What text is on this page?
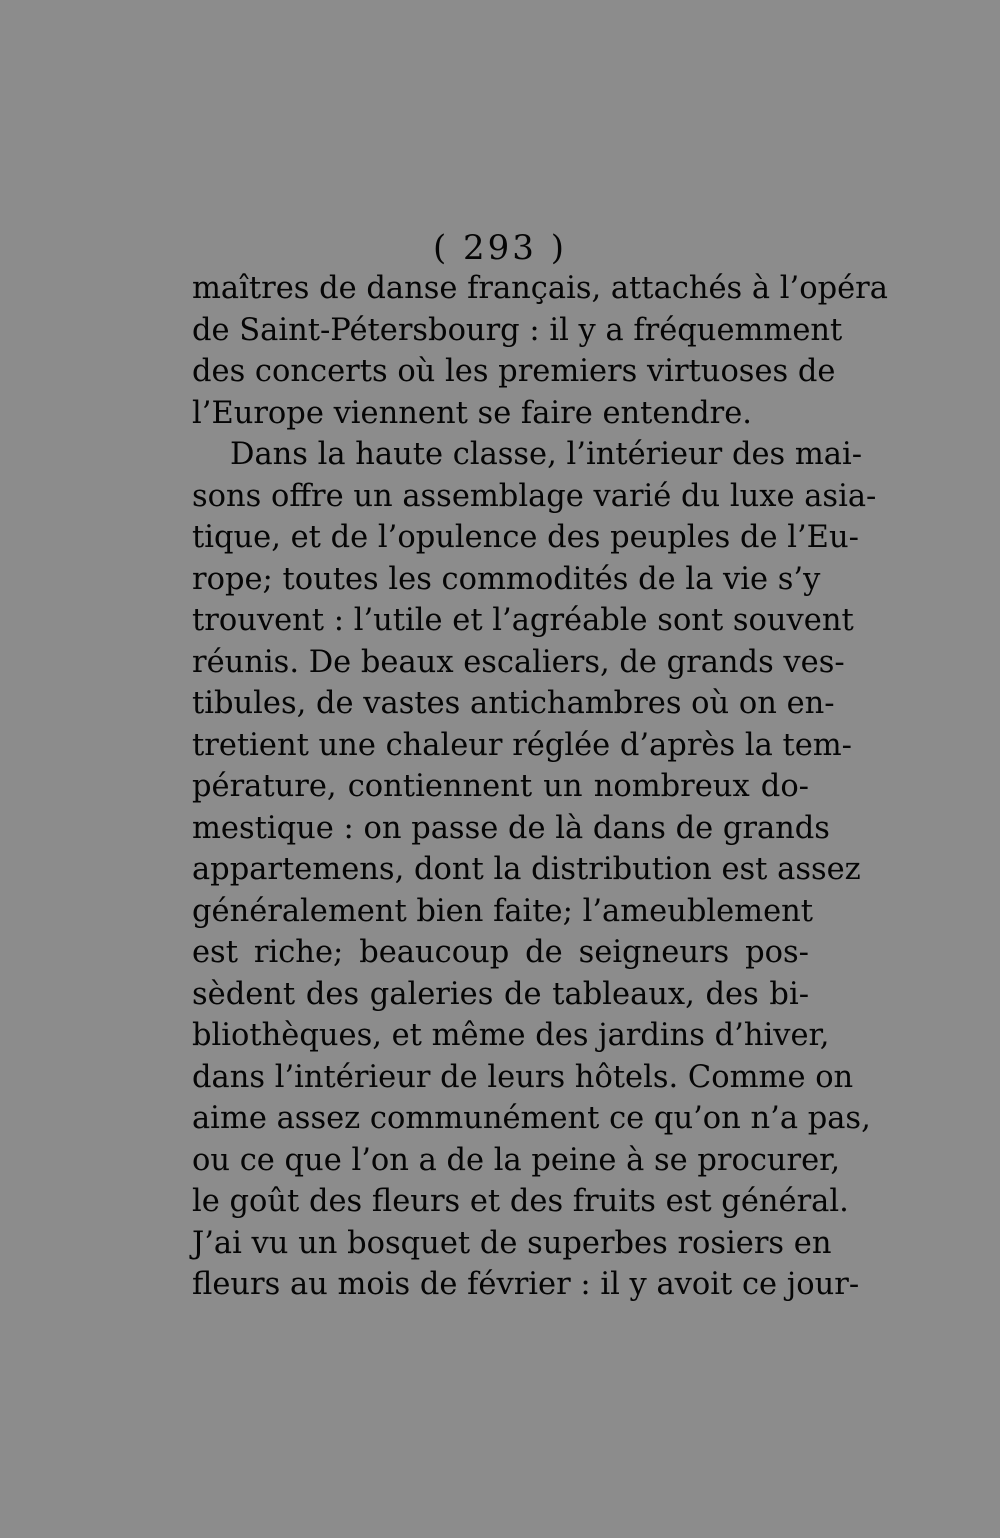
( 293 )
maîtres de danse français, attachés à l’opéra
de Saint-Pétersbourg : il y a fréquemment
des concerts où les premiers virtuoses de
l’Europe viennent se faire entendre.
Dans la haute classe, l’intérieur des mai-
sons offre un assemblage varié du luxe asia-
tique, et de l’opulence des peuples de l’Eu-
rope; toutes les commodités de la vie s’y
trouvent : l’utile et l’agréable sont souvent
réunis. De beaux escaliers, de grands ves-
tibules, de vastes antichambres où on en-
tretient une chaleur réglée d’après la tem-
pérature, contiennent un nombreux do-
mestique : on passe de là dans de grands
appartemens, dont la distribution est assez
généralement bien faite; l’ameublement
est riche; beaucoup de seigneurs pos-
sèdent des galeries de tableaux, des bi-
bliothèques, et même des jardins d’hiver,
dans l’intérieur de leurs hôtels. Comme on
aime assez communément ce qu’on n’a pas,
ou ce que l’on a de la peine à se procurer,
le goût des fleurs et des fruits est général.
J’ai vu un bosquet de superbes rosiers en
fleurs au mois de février : il y avoit ce jour-
